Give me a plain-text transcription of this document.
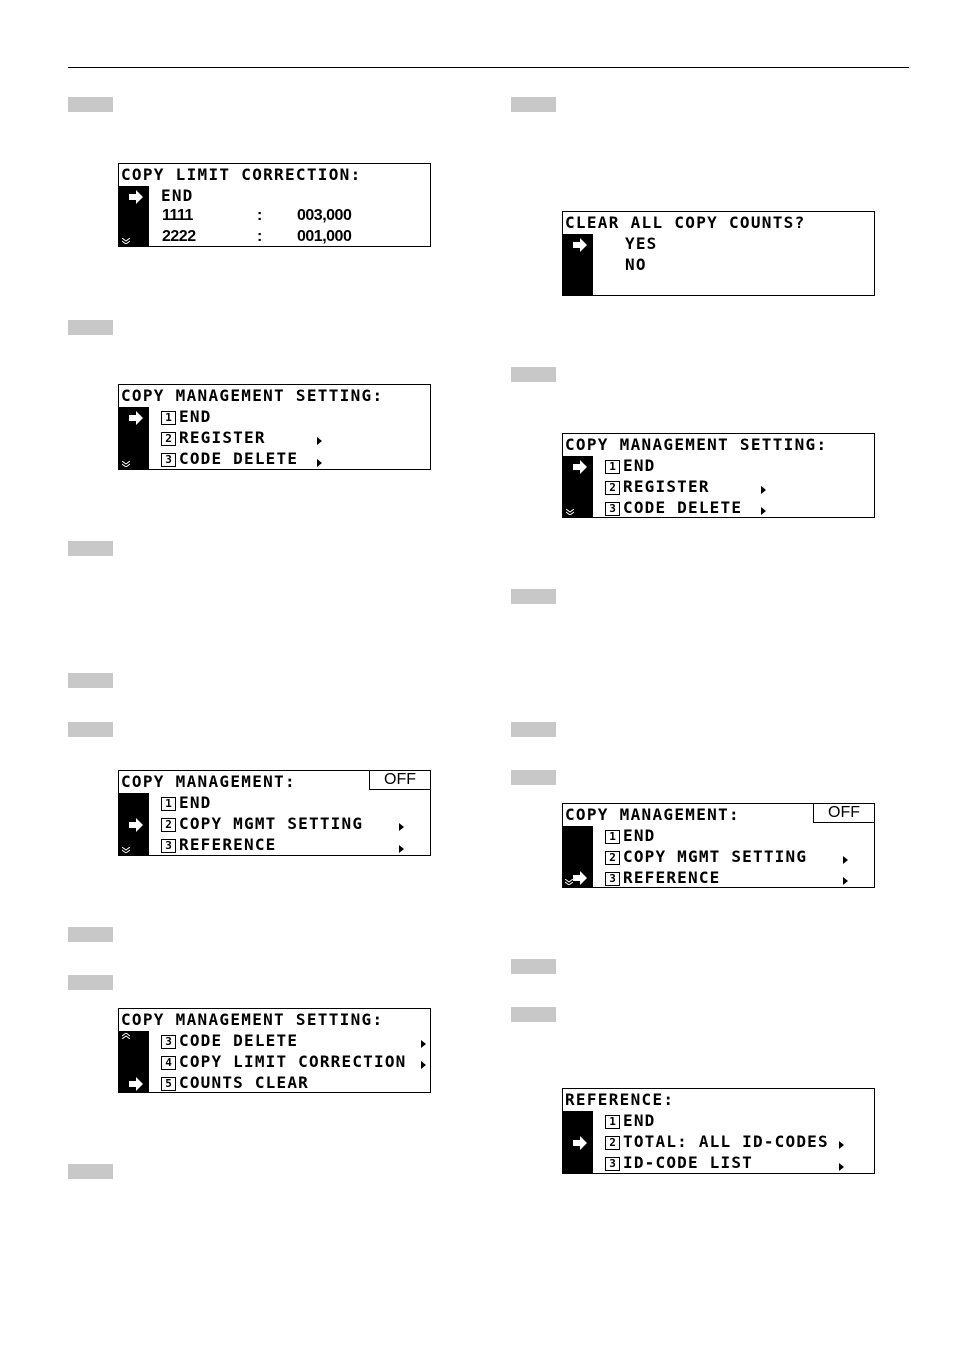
COPY LIMIT CORRECTION:
END
1111	: 003,000
2222	: 001,000
COPY MANAGEMENT SETTING:
1 END
2 REGISTER
3 CODE DELETE
COPY MANAGEMENT:	OFF
1 END
2 COPY MGMT SETTING
3 REFERENCE
COPY MANAGEMENT SETTING:
3 CODE DELETE
4 COPY LIMIT CORRECTION
5 COUNTS CLEAR
CLEAR ALL COPY COUNTS?
YES
NO
COPY MANAGEMENT SETTING:
1 END
2 REGISTER
3 CODE DELETE
COPY MANAGEMENT:	OFF
1 END
2 COPY MGMT SETTING
3 REFERENCE
REFERENCE:
1 END
2 TOTAL: ALL ID-CODES
3 ID-CODE LIST
